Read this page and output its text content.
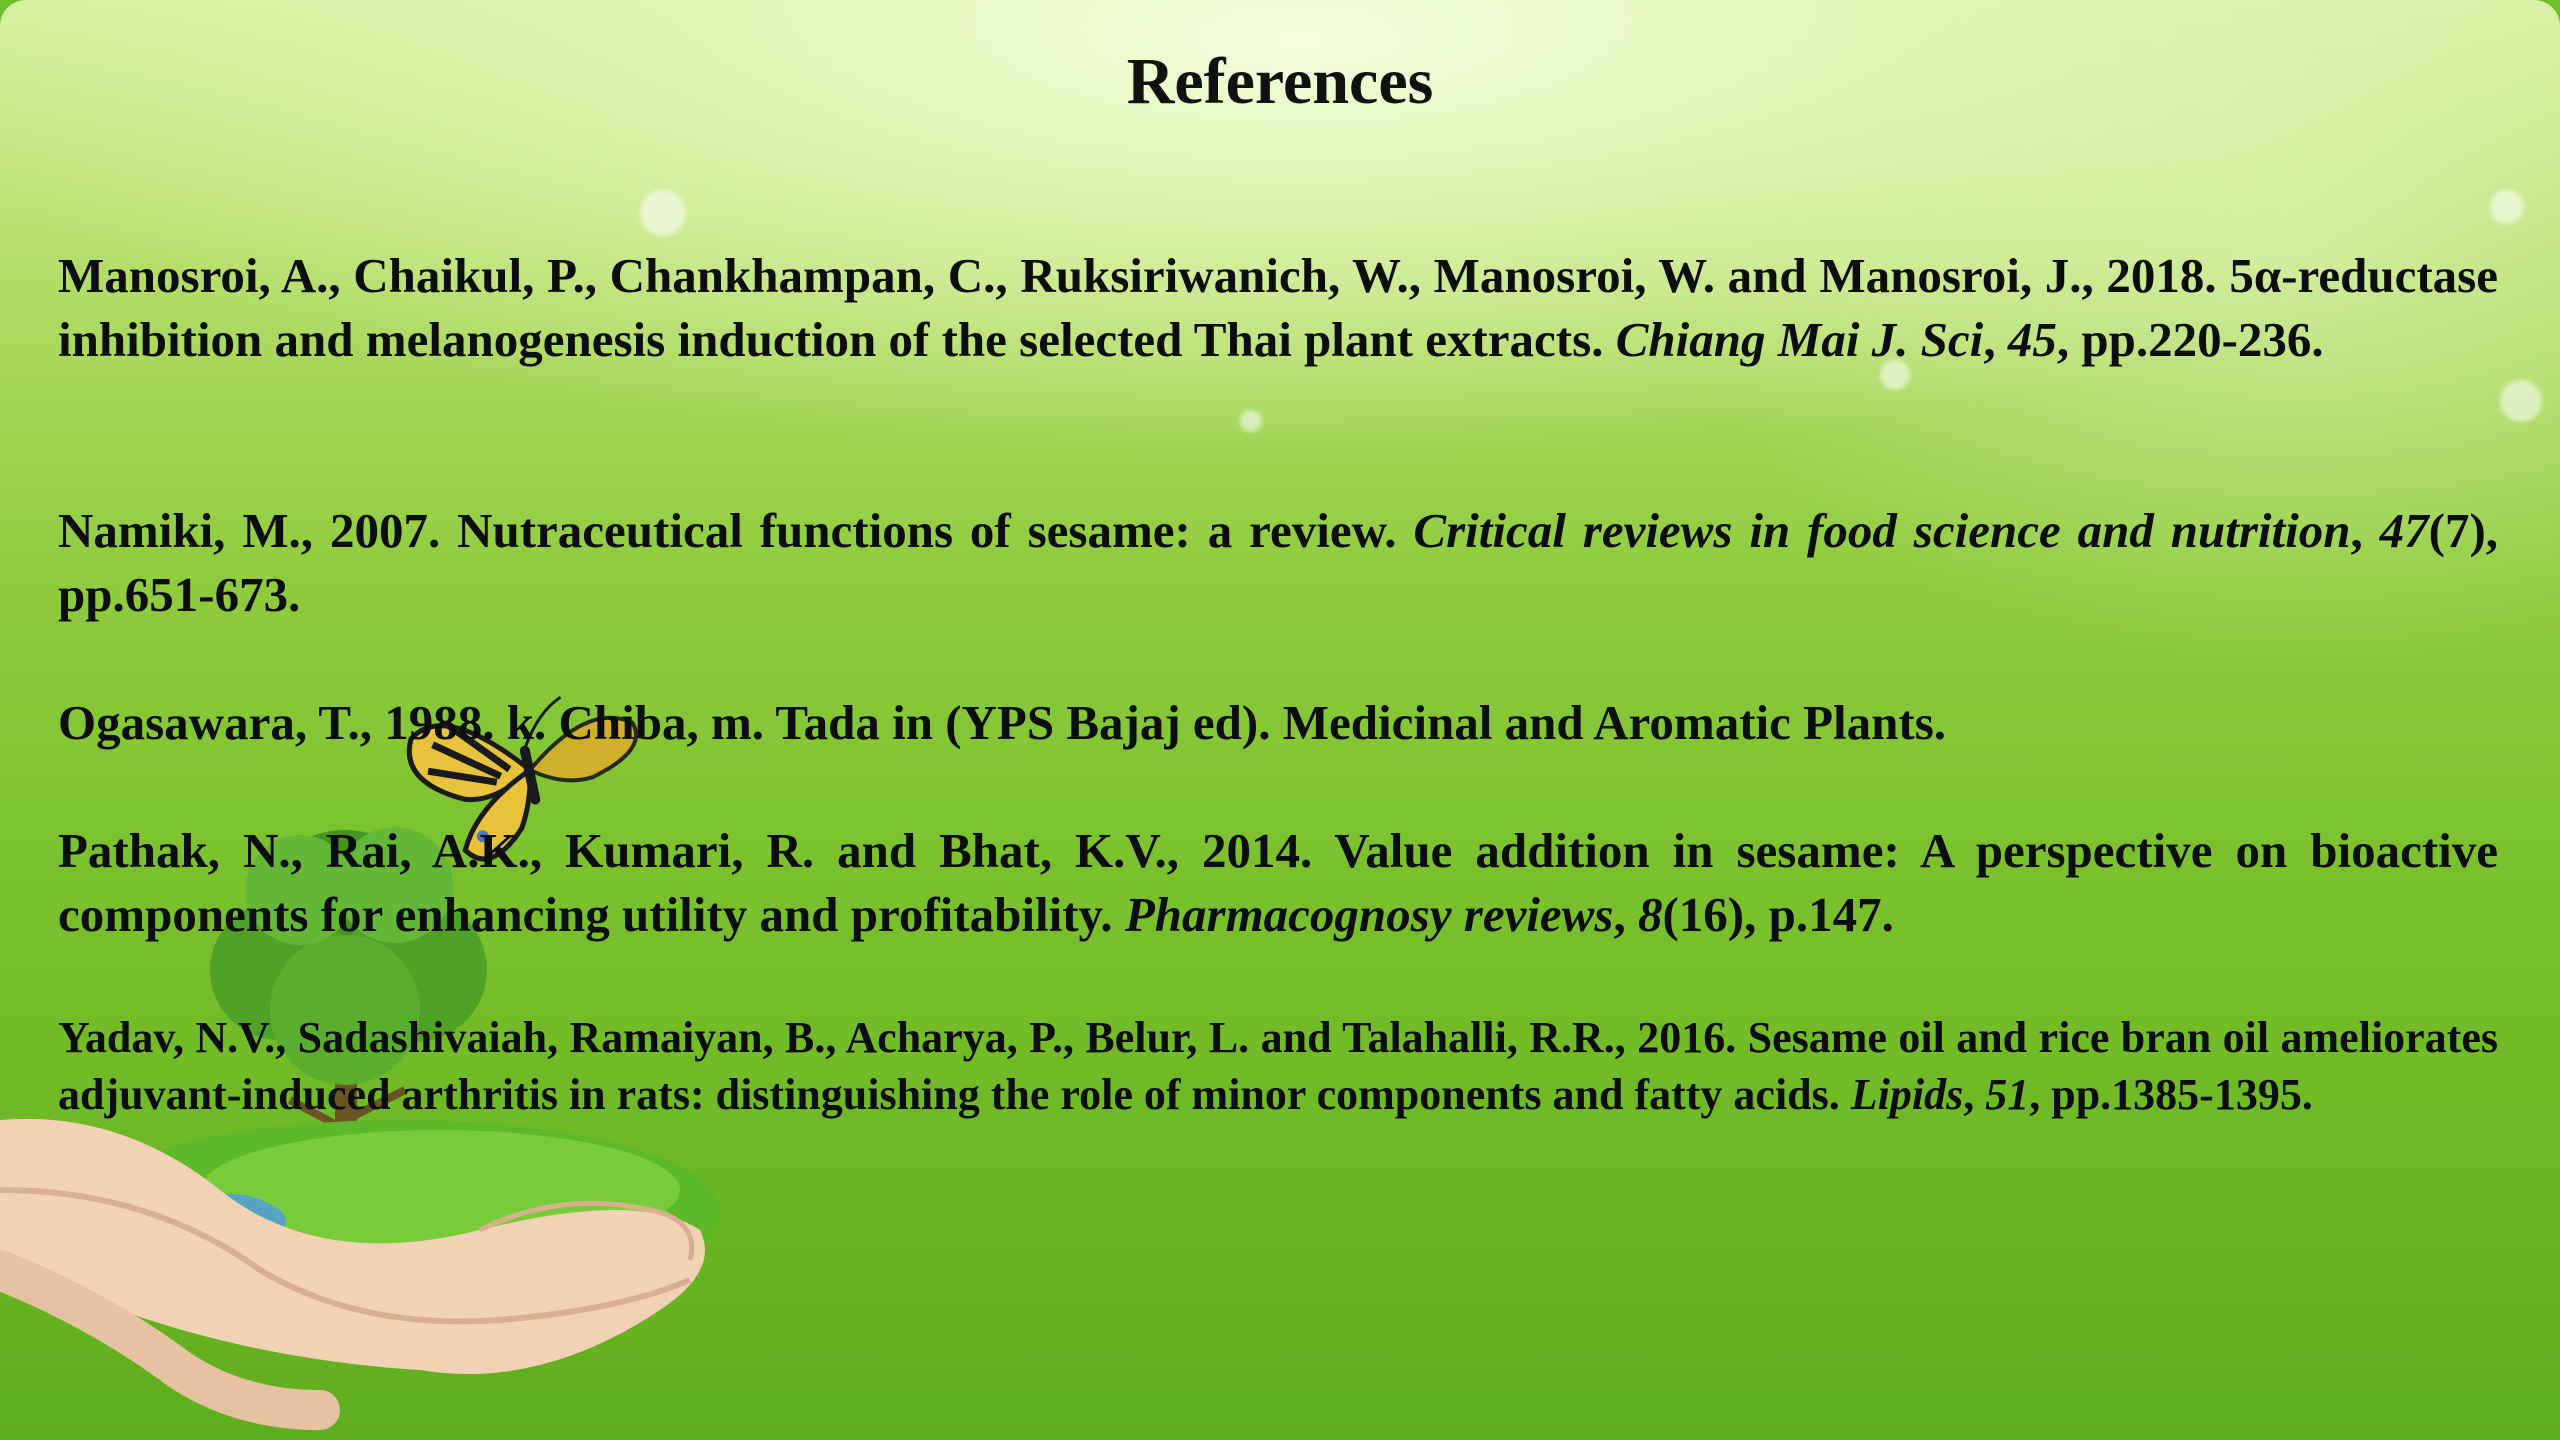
References

Manosroi, A., Chaikul, P., Chankhampan, C., Ruksiriwanich, W., Manosroi, W. and Manosroi, J., 2018. 5α-reductase inhibition and melanogenesis induction of the selected Thai plant extracts. Chiang Mai J. Sci, 45, pp.220-236.

Namiki, M., 2007. Nutraceutical functions of sesame: a review. Critical reviews in food science and nutrition, 47(7), pp.651-673.

Ogasawara, T., 1988. k. Chiba, m. Tada in (YPS Bajaj ed). Medicinal and Aromatic Plants.

Pathak, N., Rai, A.K., Kumari, R. and Bhat, K.V., 2014. Value addition in sesame: A perspective on bioactive components for enhancing utility and profitability. Pharmacognosy reviews, 8(16), p.147.

Yadav, N.V., Sadashivaiah, Ramaiyan, B., Acharya, P., Belur, L. and Talahalli, R.R., 2016. Sesame oil and rice bran oil ameliorates adjuvant-induced arthritis in rats: distinguishing the role of minor components and fatty acids. Lipids, 51, pp.1385-1395.
